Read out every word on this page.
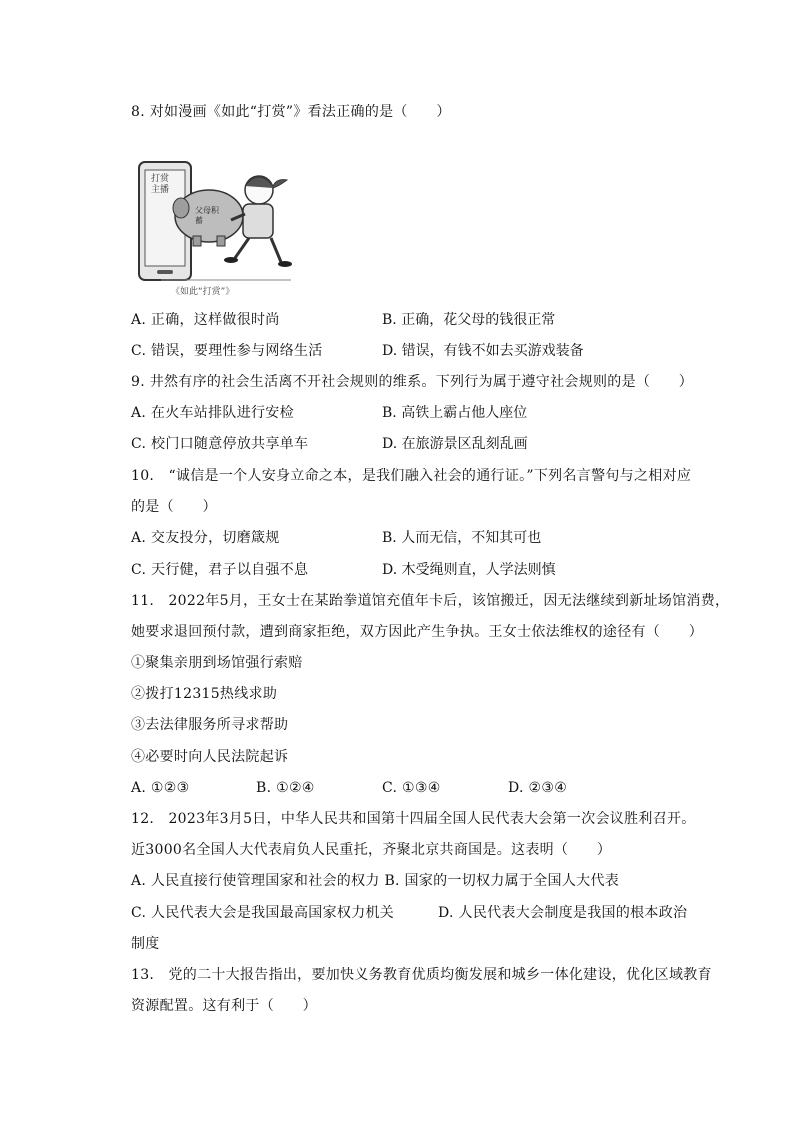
8. 对如漫画《如此“打赏”》看法正确的是（　　）
打赏主播
父母积蓄
《如此“打赏”》
A. 正确，这样做很时尚	B. 正确，花父母的钱很正常
C. 错误，要理性参与网络生活	D. 错误，有钱不如去买游戏装备
9. 井然有序的社会生活离不开社会规则的维系。下列行为属于遵守社会规则的是（　　）
A. 在火车站排队进行安检	B. 高铁上霸占他人座位
C. 校门口随意停放共享单车	D. 在旅游景区乱刻乱画
10.　“诚信是一个人安身立命之本，是我们融入社会的通行证。”下列名言警句与之相对应
的是（　　）
A. 交友投分，切磨箴规	B. 人而无信，不知其可也
C. 天行健，君子以自强不息	D. 木受绳则直，人学法则慎
11.　2022年5月，王女士在某跆拳道馆充值年卡后，该馆搬迁，因无法继续到新址场馆消费，
她要求退回预付款，遭到商家拒绝，双方因此产生争执。王女士依法维权的途径有（　　）
①聚集亲朋到场馆强行索赔
②拨打12315热线求助
③去法律服务所寻求帮助
④必要时向人民法院起诉
A. ①②③	B. ①②④	C. ①③④	D. ②③④
12.　2023年3月5日，中华人民共和国第十四届全国人民代表大会第一次会议胜利召开。
近3000名全国人大代表肩负人民重托，齐聚北京共商国是。这表明（　　）
A. 人民直接行使管理国家和社会的权力 B. 国家的一切权力属于全国人大代表
C. 人民代表大会是我国最高国家权力机关	D. 人民代表大会制度是我国的根本政治
制度
13.　党的二十大报告指出，要加快义务教育优质均衡发展和城乡一体化建设，优化区域教育
资源配置。这有利于（　　）
